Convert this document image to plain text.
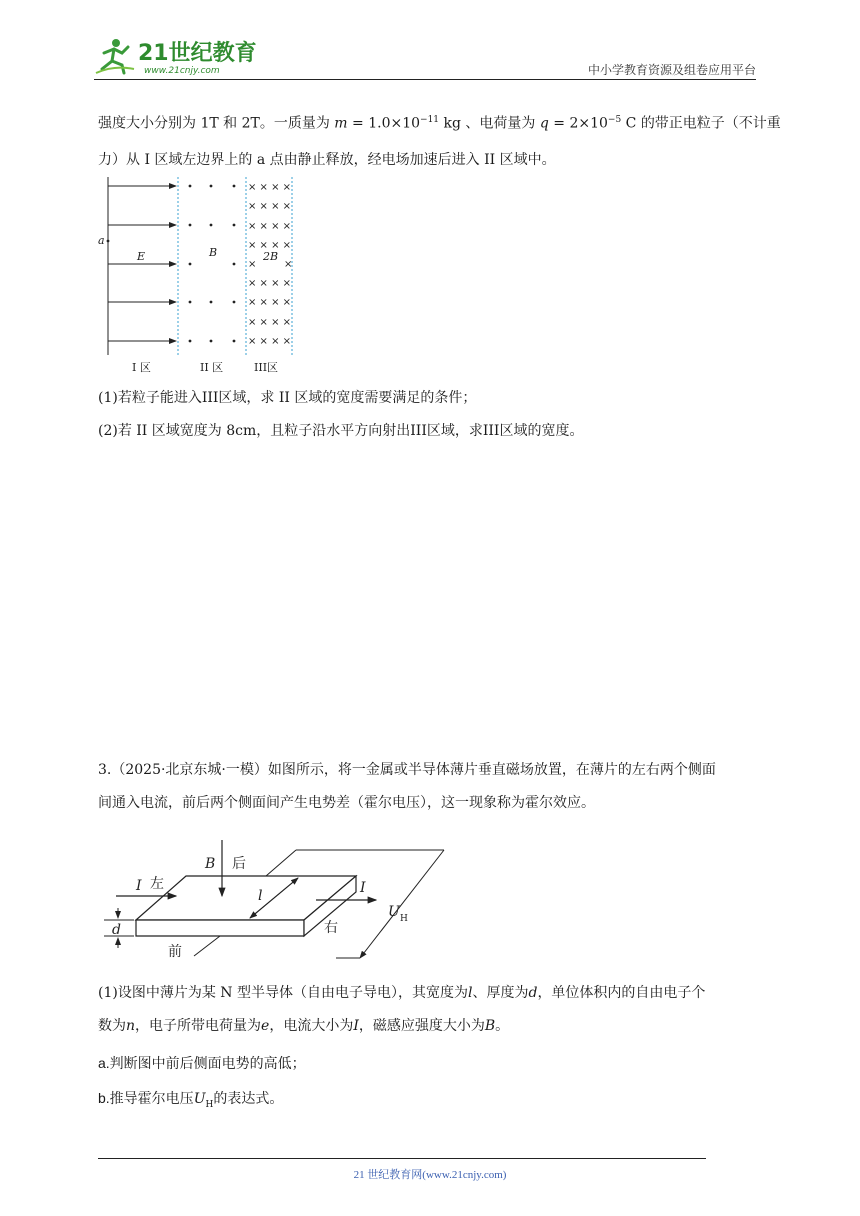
21世纪教育
www.21cnjy.com	中小学教育资源及组卷应用平台
强度大小分别为 1T 和 2T。一质量为 $m = 1.0\times 10^{-11}$ kg 、电荷量为 $q = 2\times 10^{-5}$ C 的带正电粒子（不计重
力）从 I 区域左边界上的 a 点由静止释放，经电场加速后进入 II 区域中。
× × × ×
× × × ×
× × × ×
× × × ×
×	×
× × × ×
× × × ×
× × × ×
× × × ×
a
E	B	2B
I 区	II 区	III区
(1)若粒子能进入III区域，求 II 区域的宽度需要满足的条件；
(2)若 II 区域宽度为 8cm，且粒子沿水平方向射出III区域，求III区域的宽度。
3.（2025·北京东城·一模）如图所示，将一金属或半导体薄片垂直磁场放置，在薄片的左右两个侧面
间通入电流，前后两个侧面间产生电势差（霍尔电压），这一现象称为霍尔效应。
I 左
B 后
l	I
U H
右
d
前
(1)设图中薄片为某 N 型半导体（自由电子导电），其宽度为l、厚度为d，单位体积内的自由电子个
数为n，电子所带电荷量为e，电流大小为I，磁感应强度大小为B。
a.判断图中前后侧面电势的高低；
b.推导霍尔电压$U_H$的表达式。
21 世纪教育网(www.21cnjy.com)
